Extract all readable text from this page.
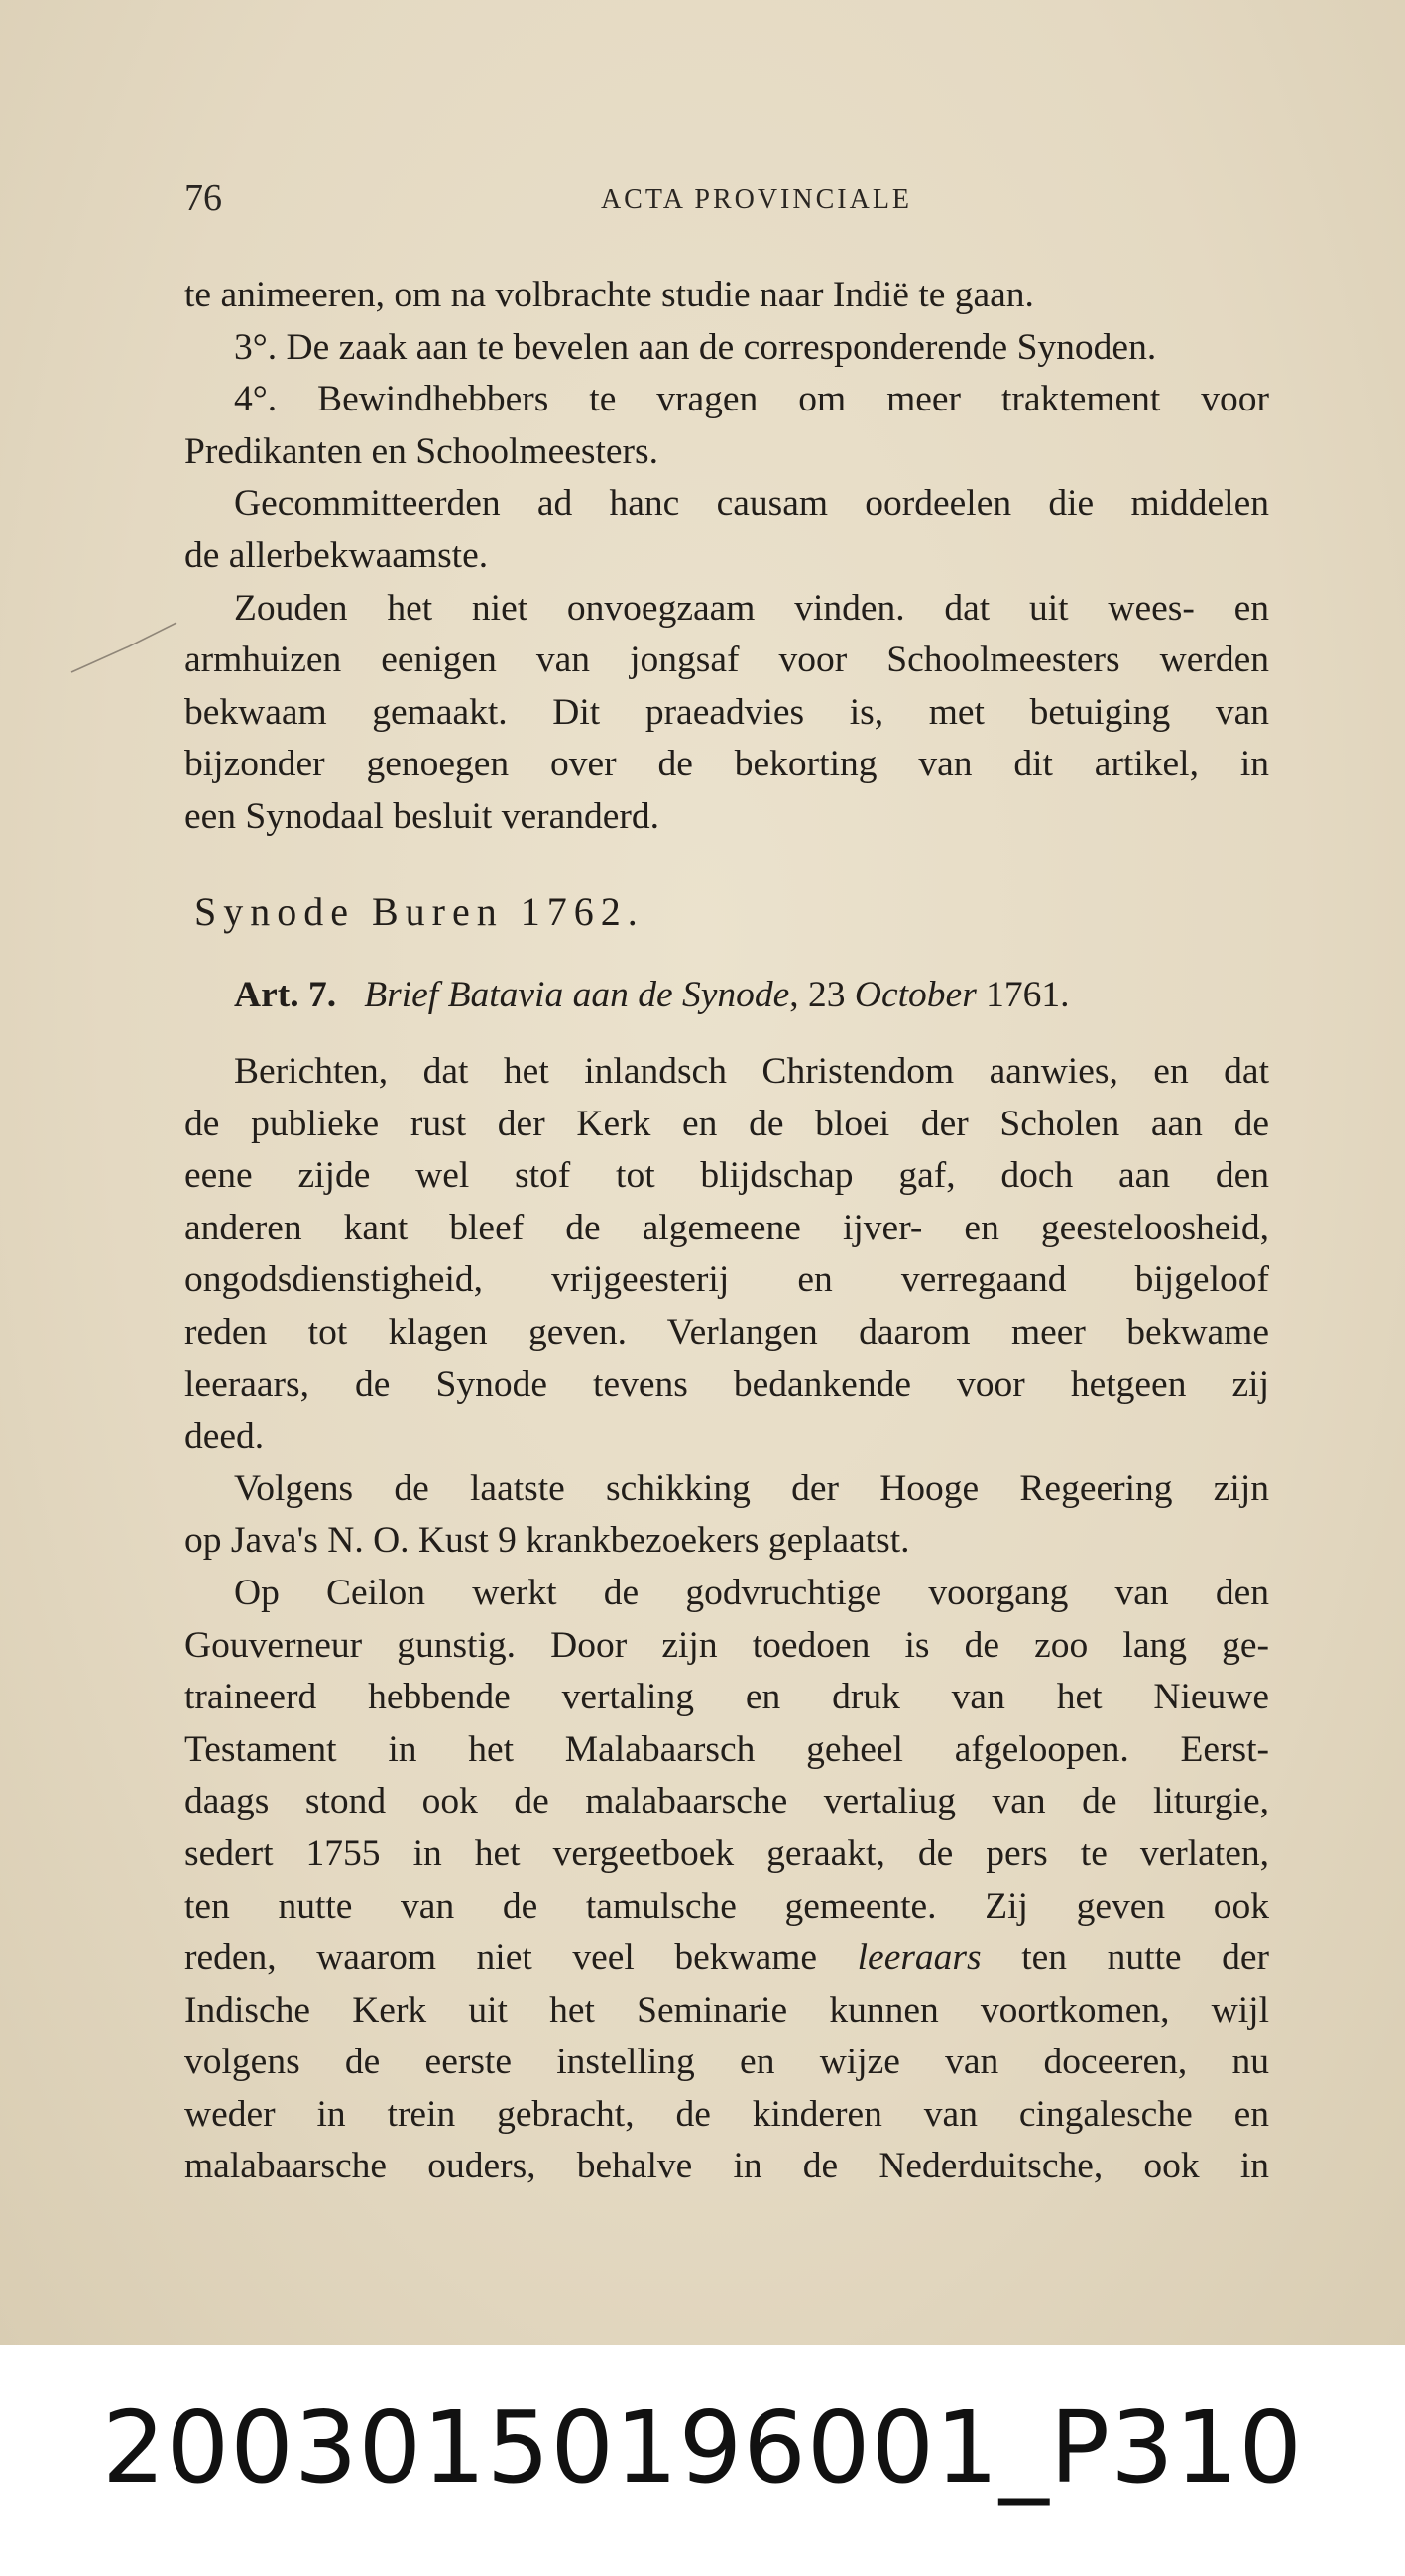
76	ACTA PROVINCIALE

te animeeren, om na volbrachte studie naar Indië te gaan.

3°. De zaak aan te bevelen aan de corresponderende Synoden.

4°. Bewindhebbers te vragen om meer traktement voor
Predikanten en Schoolmeesters.

Gecommitteerden ad hanc causam oordeelen die middelen
de allerbekwaamste.

Zouden het niet onvoegzaam vinden. dat uit wees- en
armhuizen eenigen van jongsaf voor Schoolmeesters werden
bekwaam gemaakt. Dit praeadvies is, met betuiging van
bijzonder genoegen over de bekorting van dit artikel, in
een Synodaal besluit veranderd.

Synode Buren 1762.
Art. 7. Brief Batavia aan de Synode, 23 October 1761.

Berichten, dat het inlandsch Christendom aanwies, en dat
de publieke rust der Kerk en de bloei der Scholen aan de
eene zijde wel stof tot blijdschap gaf, doch aan den
anderen kant bleef de algemeene ijver- en geesteloosheid,
ongodsdienstigheid, vrijgeesterij en verregaand bijgeloof
reden tot klagen geven. Verlangen daarom meer bekwame
leeraars, de Synode tevens bedankende voor hetgeen zij
deed.

Volgens de laatste schikking der Hooge Regeering zijn
op Java's N. O. Kust 9 krankbezoekers geplaatst.

Op Ceilon werkt de godvruchtige voorgang van den
Gouverneur gunstig. Door zijn toedoen is de zoo lang ge-
traineerd hebbende vertaling en druk van het Nieuwe
Testament in het Malabaarsch geheel afgeloopen. Eerst-
daags stond ook de malabaarsche vertaliug van de liturgie,
sedert 1755 in het vergeetboek geraakt, de pers te verlaten,
ten nutte van de tamulsche gemeente. Zij geven ook
reden, waarom niet veel bekwame leeraars ten nutte der
Indische Kerk uit het Seminarie kunnen voortkomen, wijl
volgens de eerste instelling en wijze van doceeren, nu
weder in trein gebracht, de kinderen van cingalesche en
malabaarsche ouders, behalve in de Nederduitsche, ook in

20030150196001_P310
